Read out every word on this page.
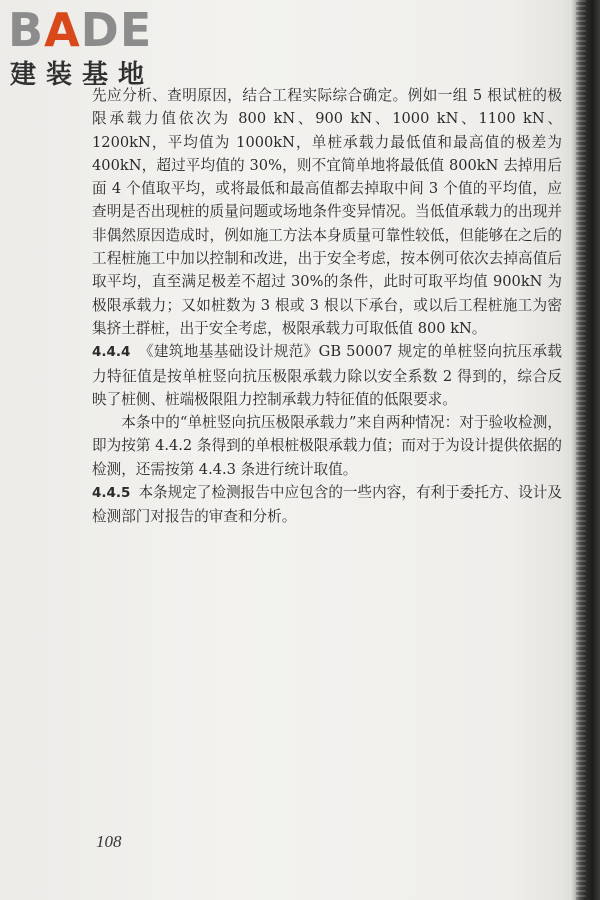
BADE
建装基地

先应分析、查明原因，结合工程实际综合确定。例如一组 5 根试桩的极限承载力值依次为 800 kN、900 kN、1000 kN、1100 kN、1200kN，平均值为 1000kN，单桩承载力最低值和最高值的极差为 400kN，超过平均值的 30%，则不宜简单地将最低值 800kN 去掉用后面 4 个值取平均，或将最低和最高值都去掉取中间 3 个值的平均值，应查明是否出现桩的质量问题或场地条件变异情况。当低值承载力的出现并非偶然原因造成时，例如施工方法本身质量可靠性较低，但能够在之后的工程桩施工中加以控制和改进，出于安全考虑，按本例可依次去掉高值后取平均，直至满足极差不超过 30%的条件，此时可取平均值 900kN 为极限承载力；又如桩数为 3 根或 3 根以下承台，或以后工程桩施工为密集挤土群桩，出于安全考虑，极限承载力可取低值 800 kN。

4.4.4 《建筑地基基础设计规范》GB 50007 规定的单桩竖向抗压承载力特征值是按单桩竖向抗压极限承载力除以安全系数 2 得到的，综合反映了桩侧、桩端极限阻力控制承载力特征值的低限要求。

本条中的“单桩竖向抗压极限承载力”来自两种情况：对于验收检测，即为按第 4.4.2 条得到的单根桩极限承载力值；而对于为设计提供依据的检测，还需按第 4.4.3 条进行统计取值。

4.4.5 本条规定了检测报告中应包含的一些内容，有利于委托方、设计及检测部门对报告的审查和分析。

108
